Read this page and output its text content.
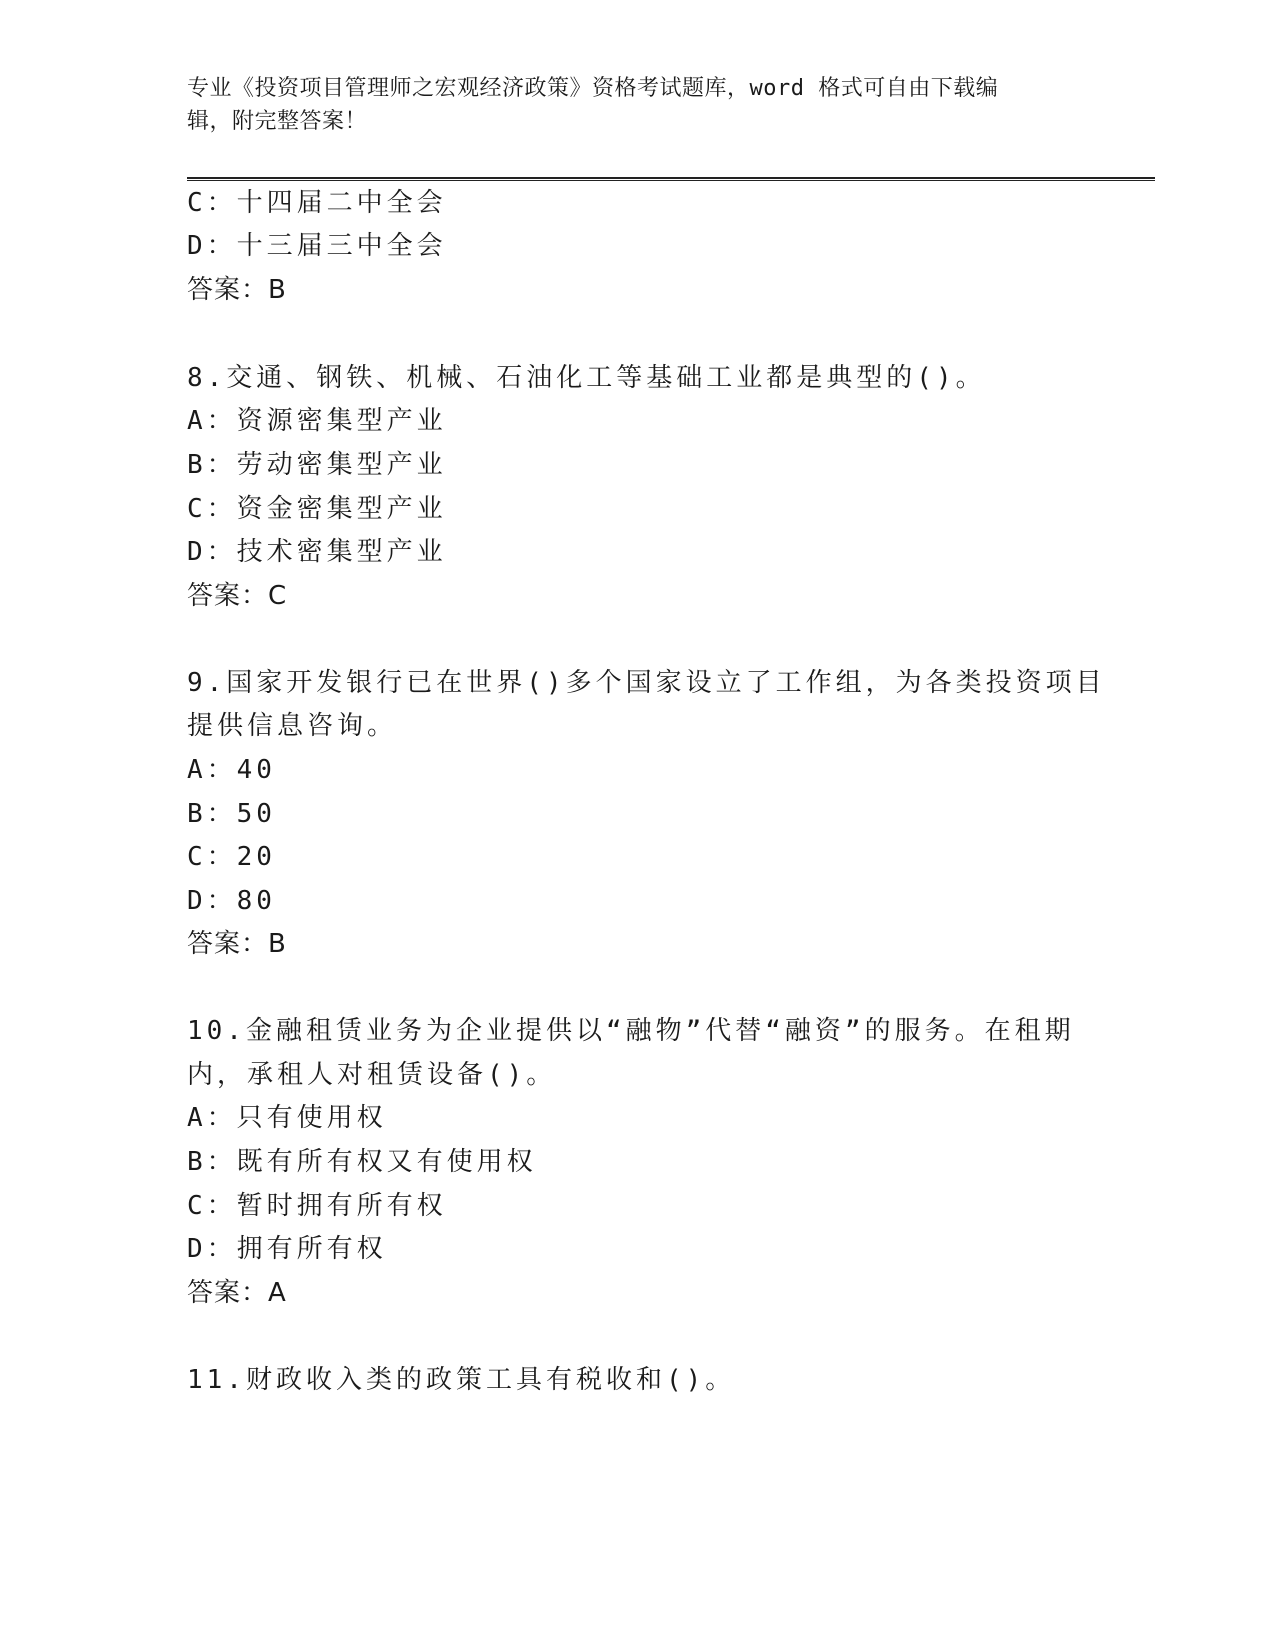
专业《投资项目管理师之宏观经济政策》资格考试题库，word 格式可自由下载编
辑，附完整答案！
C：十四届二中全会
D：十三届三中全会
答案：B
8.交通、钢铁、机械、石油化工等基础工业都是典型的()。
A：资源密集型产业
B：劳动密集型产业
C：资金密集型产业
D：技术密集型产业
答案：C
9.国家开发银行已在世界()多个国家设立了工作组，为各类投资项目
提供信息咨询。
A：40
B：50
C：20
D：80
答案：B
10.金融租赁业务为企业提供以“融物”代替“融资”的服务。在租期
内，承租人对租赁设备()。
A：只有使用权
B：既有所有权又有使用权
C：暂时拥有所有权
D：拥有所有权
答案：A
11.财政收入类的政策工具有税收和()。
